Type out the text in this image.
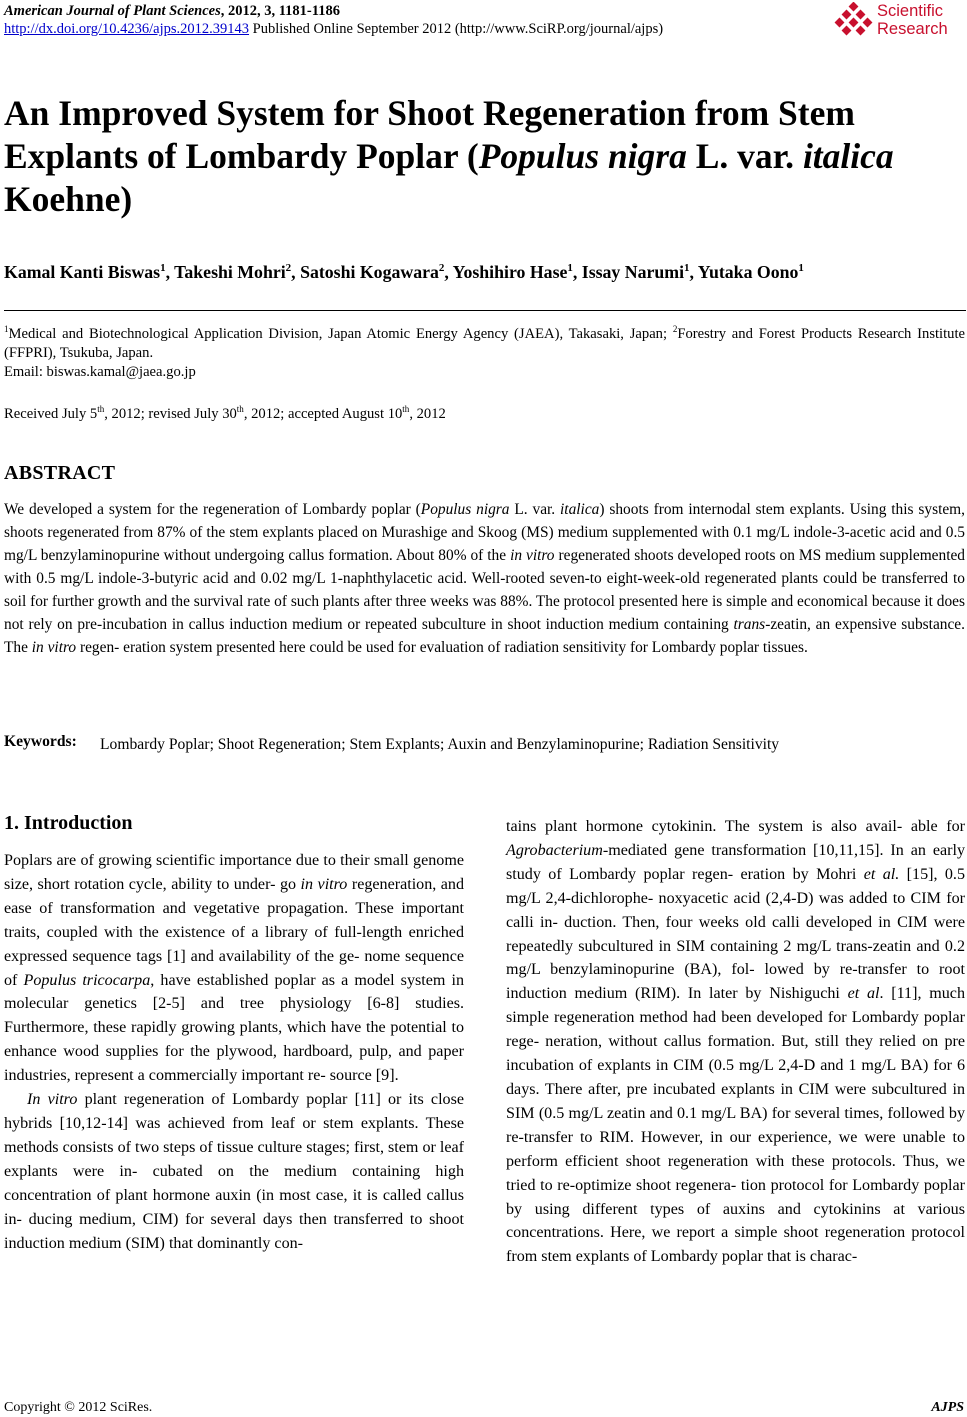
American Journal of Plant Sciences, 2012, 3, 1181-1186
http://dx.doi.org/10.4236/ajps.2012.39143 Published Online September 2012 (http://www.SciRP.org/journal/ajps)
Scientific
Research
An Improved System for Shoot Regeneration from Stem Explants of Lombardy Poplar (Populus nigra L. var. italica Koehne)
Kamal Kanti Biswas$^1$, Takeshi Mohri$^2$, Satoshi Kogawara$^2$, Yoshihiro Hase$^1$, Issay Narumi$^1$, Yutaka Oono$^1$
$^1$Medical and Biotechnological Application Division, Japan Atomic Energy Agency (JAEA), Takasaki, Japan; $^2$Forestry and Forest Products Research Institute (FFPRI), Tsukuba, Japan.
Email: biswas.kamal@jaea.go.jp
Received July 5th, 2012; revised July 30th, 2012; accepted August 10th, 2012
ABSTRACT
We developed a system for the regeneration of Lombardy poplar (Populus nigra L. var. italica) shoots from internodal stem explants. Using this system, shoots regenerated from 87% of the stem explants placed on Murashige and Skoog (MS) medium supplemented with 0.1 mg/L indole-3-acetic acid and 0.5 mg/L benzylaminopurine without undergoing callus formation. About 80% of the in vitro regenerated shoots developed roots on MS medium supplemented with 0.5 mg/L indole-3-butyric acid and 0.02 mg/L 1-naphthylacetic acid. Well-rooted seven-to eight-week-old regenerated plants could be transferred to soil for further growth and the survival rate of such plants after three weeks was 88%. The protocol presented here is simple and economical because it does not rely on pre-incubation in callus induction medium or repeated subculture in shoot induction medium containing trans-zeatin, an expensive substance. The in vitro regen- eration system presented here could be used for evaluation of radiation sensitivity for Lombardy poplar tissues.
Keywords: Lombardy Poplar; Shoot Regeneration; Stem Explants; Auxin and Benzylaminopurine; Radiation Sensitivity
1. Introduction

Poplars are of growing scientific importance due to their small genome size, short rotation cycle, ability to under- go in vitro regeneration, and ease of transformation and vegetative propagation. These important traits, coupled with the existence of a library of full-length enriched expressed sequence tags [1] and availability of the ge- nome sequence of Populus tricocarpa, have established poplar as a model system in molecular genetics [2-5] and tree physiology [6-8] studies. Furthermore, these rapidly growing plants, which have the potential to enhance wood supplies for the plywood, hardboard, pulp, and paper industries, represent a commercially important re- source [9].

In vitro plant regeneration of Lombardy poplar [11] or its close hybrids [10,12-14] was achieved from leaf or stem explants. These methods consists of two steps of tissue culture stages; first, stem or leaf explants were in- cubated on the medium containing high concentration of plant hormone auxin (in most case, it is called callus in- ducing medium, CIM) for several days then transferred to shoot induction medium (SIM) that dominantly con-

tains plant hormone cytokinin. The system is also avail- able for Agrobacterium-mediated gene transformation [10,11,15]. In an early study of Lombardy poplar regen- eration by Mohri et al. [15], 0.5 mg/L 2,4-dichlorophe- noxyacetic acid (2,4-D) was added to CIM for calli in- duction. Then, four weeks old calli developed in CIM were repeatedly subcultured in SIM containing 2 mg/L trans-zeatin and 0.2 mg/L benzylaminopurine (BA), fol- lowed by re-transfer to root induction medium (RIM). In later by Nishiguchi et al. [11], much simple regeneration method had been developed for Lombardy poplar rege- neration, without callus formation. But, still they relied on pre incubation of explants in CIM (0.5 mg/L 2,4-D and 1 mg/L BA) for 6 days. There after, pre incubated explants in CIM were subcultured in SIM (0.5 mg/L zeatin and 0.1 mg/L BA) for several times, followed by re-transfer to RIM. However, in our experience, we were unable to perform efficient shoot regeneration with these protocols. Thus, we tried to re-optimize shoot regenera- tion protocol for Lombardy poplar by using different types of auxins and cytokinins at various concentrations. Here, we report a simple shoot regeneration protocol from stem explants of Lombardy poplar that is charac-

Copyright © 2012 SciRes.	AJPS
